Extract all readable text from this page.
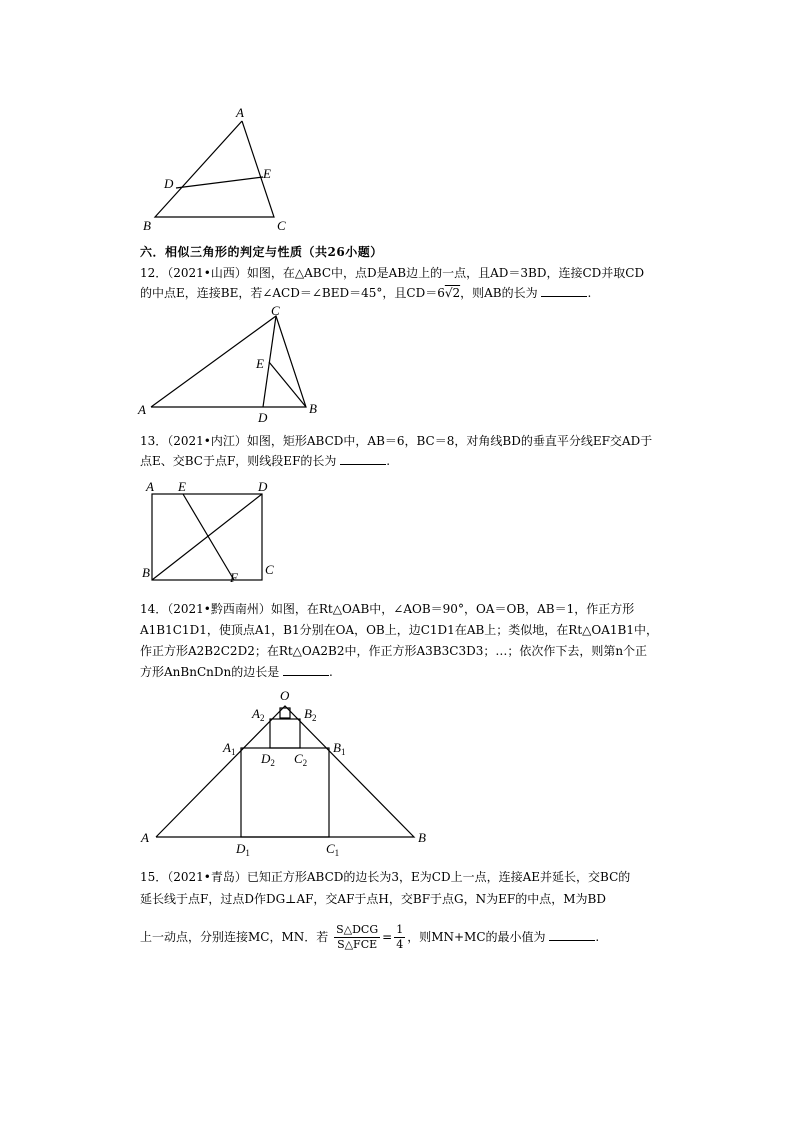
A
B	C
D
E
六．相似三角形的判定与性质（共26小题）
12．（2021•山西）如图，在△ABC中，点D是AB边上的一点，且AD＝3BD，连接CD并取CD
的中点E，连接BE，若∠ACD＝∠BED＝45°，且CD＝6√2，则AB的长为	.
C
A	B
D
E
13．（2021•内江）如图，矩形ABCD中，AB＝6，BC＝8，对角线BD的垂直平分线EF交AD于
点E、交BC于点F，则线段EF的长为	.
A E	D
B	C
F
14．（2021•黔西南州）如图，在Rt△OAB中，∠AOB＝90°，OA＝OB，AB＝1，作正方形
A1B1C1D1，使顶点A1，B1分别在OA，OB上，边C1D1在AB上；类似地，在Rt△OA1B1中，
作正方形A2B2C2D2；在Rt△OA2B2中，作正方形A3B3C3D3；…；依次作下去，则第n个正
方形AnBnCnDn的边长是	.
O
A	B
$A_1$	$B_1$
$D_1$	$C_1$
$A_2$	$B_2$
$D_2$ $C_2$
15．（2021•青岛）已知正方形ABCD的边长为3，E为CD上一点，连接AE并延长，交BC的
延长线于点F，过点D作DG⊥AF，交AF于点H，交BF于点G，N为EF的中点，M为BD
上一动点，分别连接MC，MN．若 $\frac{\text{S△DCG}}{\text{S△FCE}} = \frac{1}{4}$ ，则MN+MC的最小值为	.
